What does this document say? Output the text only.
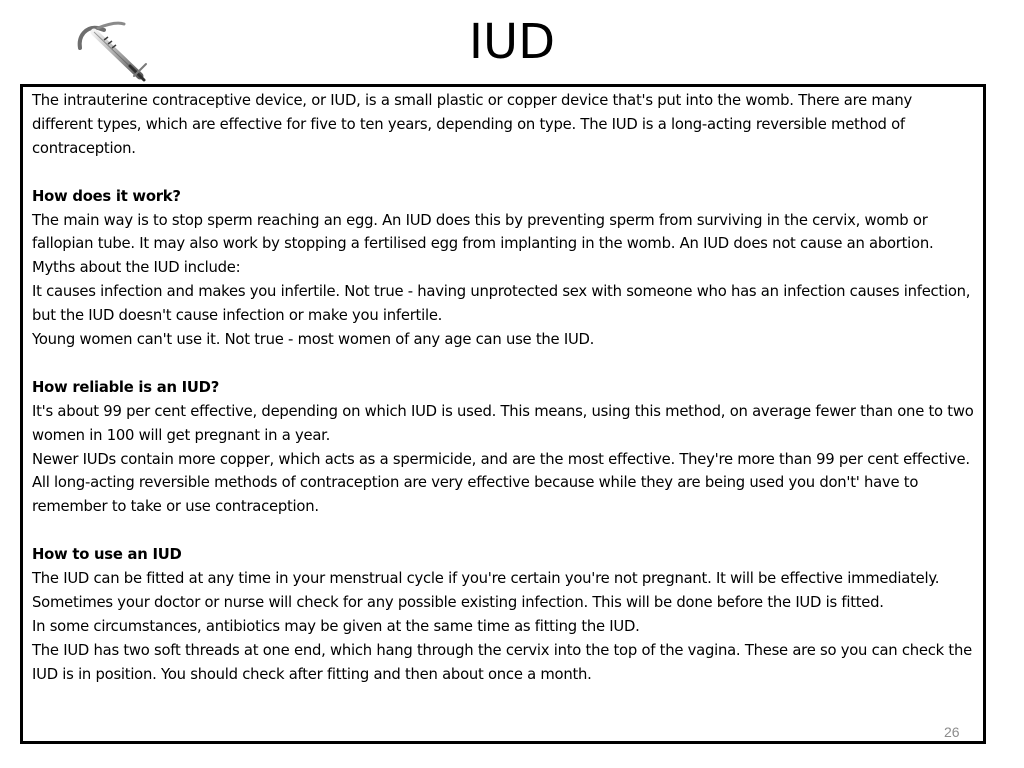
IUD

The intrauterine contraceptive device, or IUD, is a small plastic or copper device that's put into the womb. There are many different types, which are effective for five to ten years, depending on type. The IUD is a long-acting reversible method of contraception.

How does it work?

The main way is to stop sperm reaching an egg. An IUD does this by preventing sperm from surviving in the cervix, womb or fallopian tube. It may also work by stopping a fertilised egg from implanting in the womb. An IUD does not cause an abortion.

Myths about the IUD include:

It causes infection and makes you infertile. Not true - having unprotected sex with someone who has an infection causes infection, but the IUD doesn't cause infection or make you infertile.

Young women can't use it. Not true - most women of any age can use the IUD.

How reliable is an IUD?

It's about 99 per cent effective, depending on which IUD is used. This means, using this method, on average fewer than one to two women in 100 will get pregnant in a year.

Newer IUDs contain more copper, which acts as a spermicide, and are the most effective. They're more than 99 per cent effective. All long-acting reversible methods of contraception are very effective because while they are being used you don't' have to remember to take or use contraception.

How to use an IUD

The IUD can be fitted at any time in your menstrual cycle if you're certain you're not pregnant. It will be effective immediately. Sometimes your doctor or nurse will check for any possible existing infection. This will be done before the IUD is fitted.

In some circumstances, antibiotics may be given at the same time as fitting the IUD.

The IUD has two soft threads at one end, which hang through the cervix into the top of the vagina. These are so you can check the IUD is in position. You should check after fitting and then about once a month.

26
